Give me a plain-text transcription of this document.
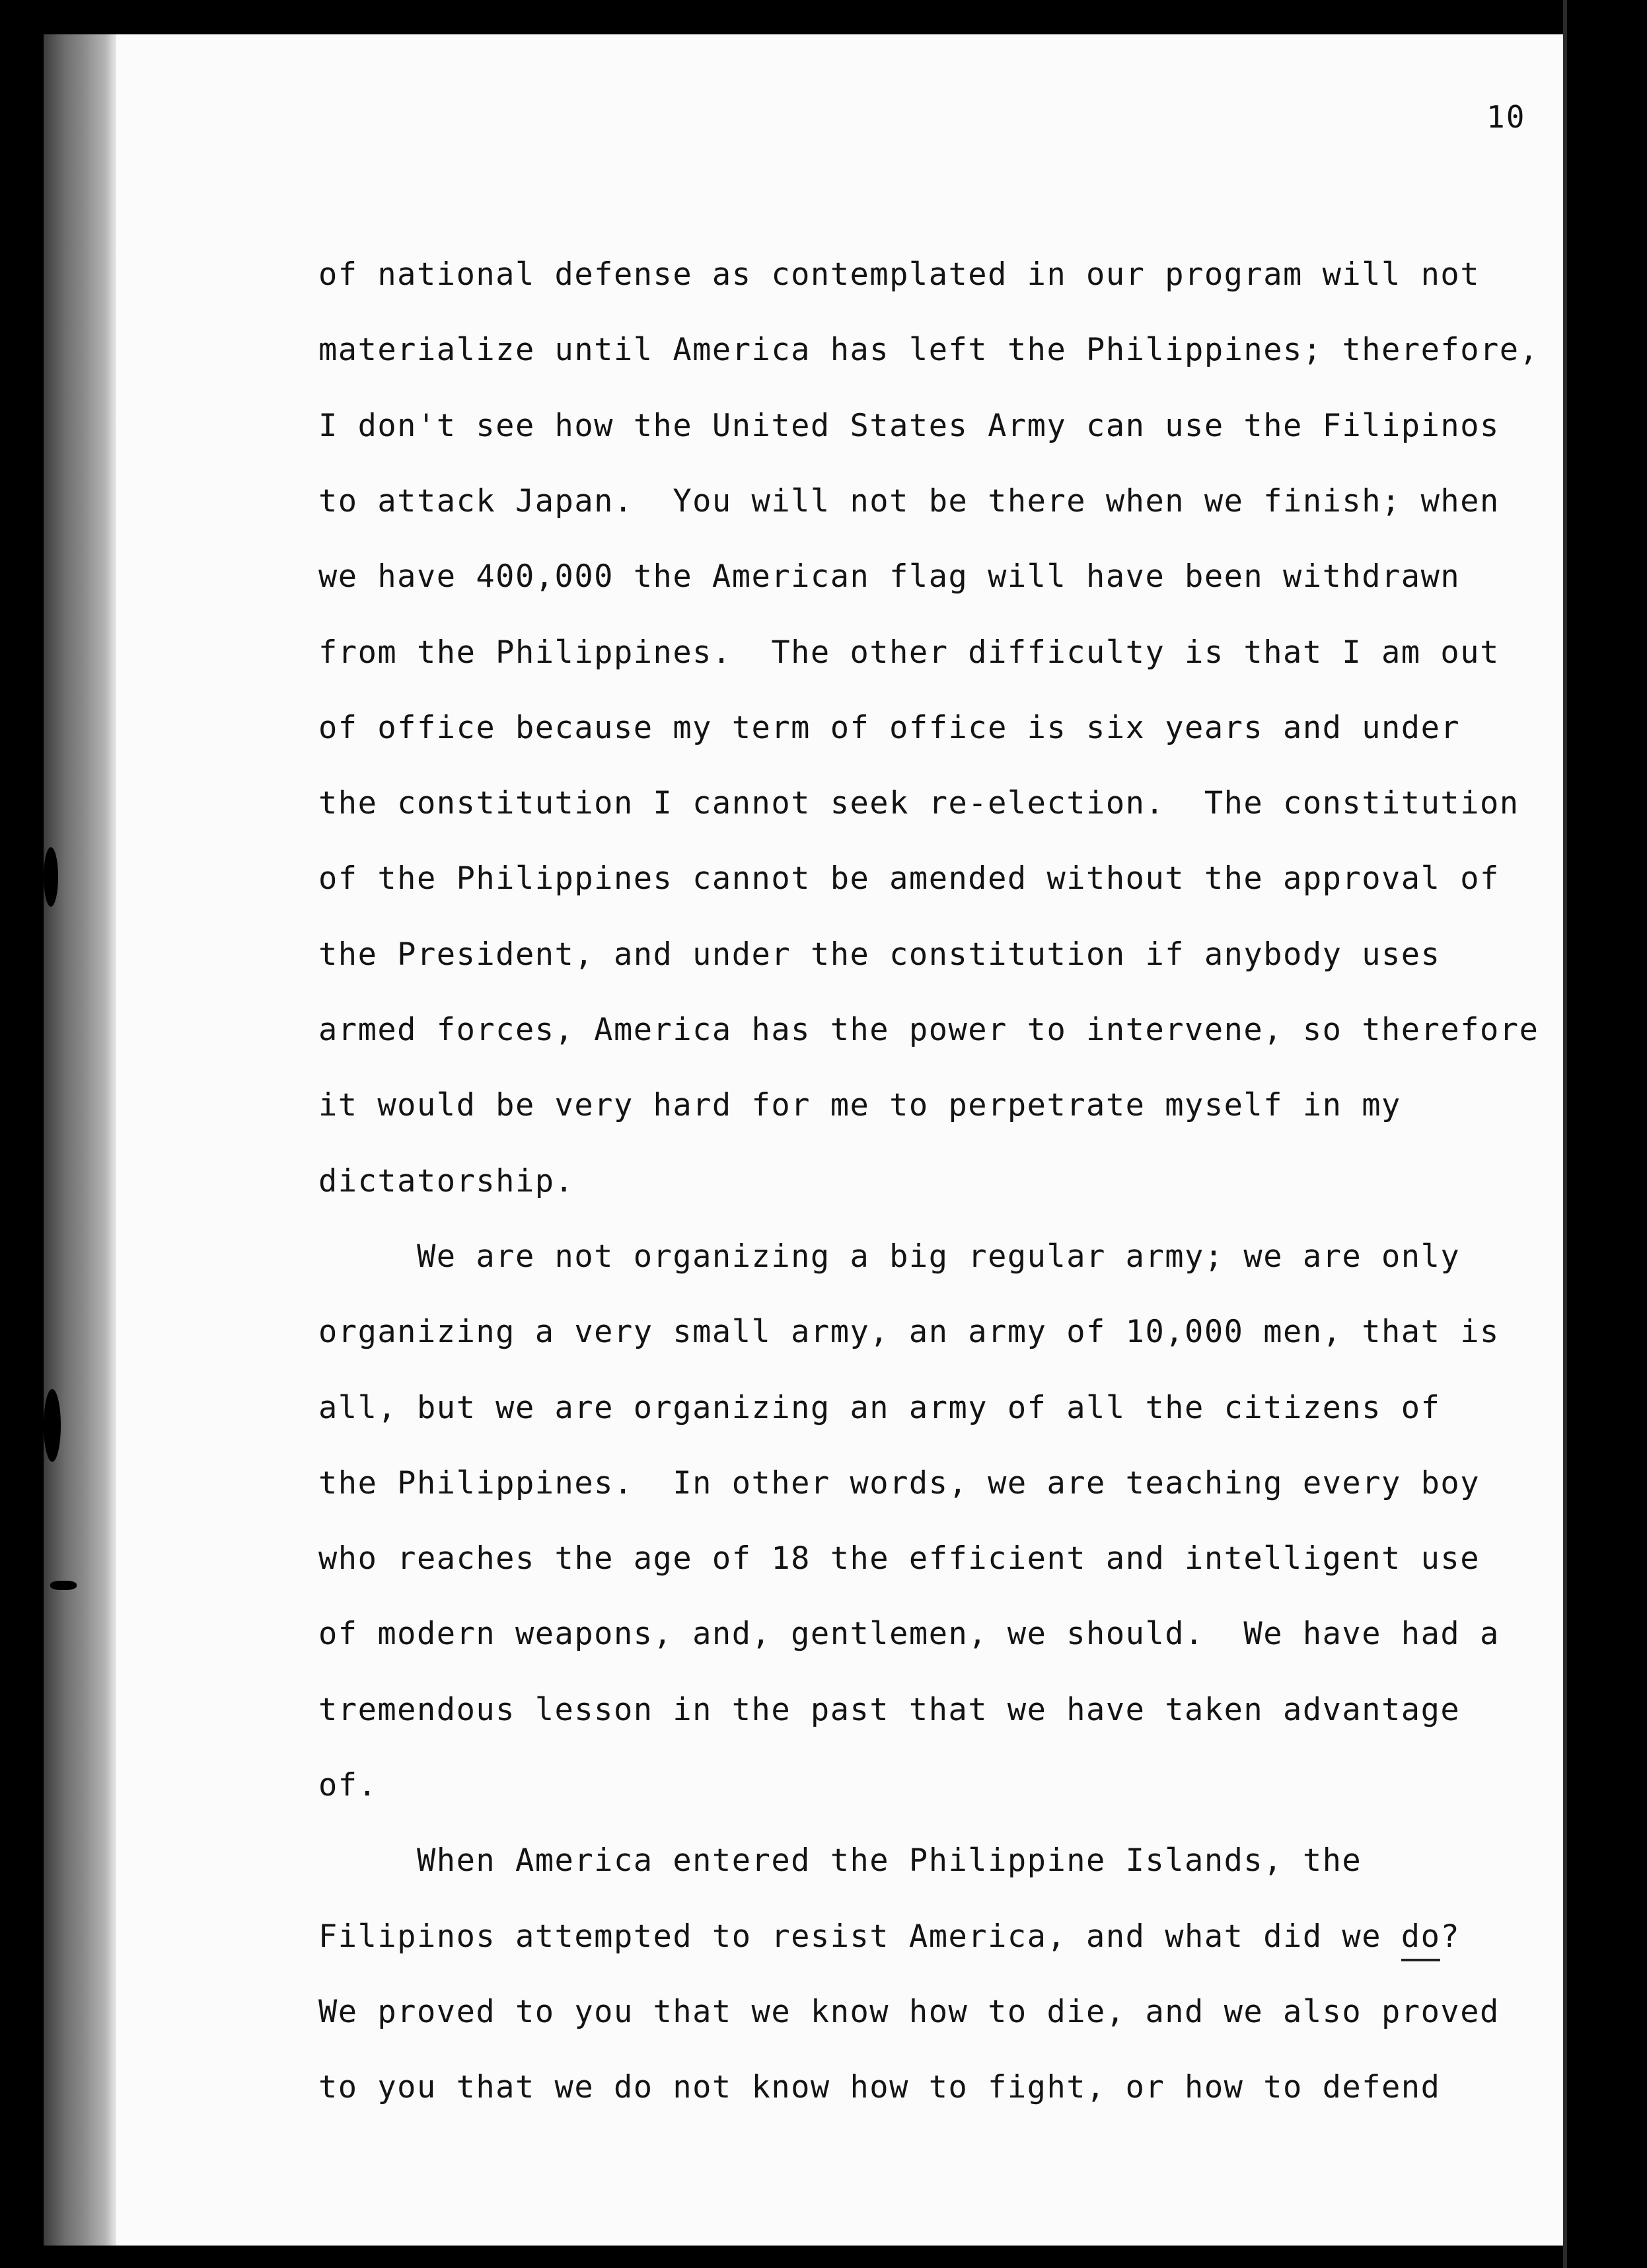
10
of national defense as contemplated in our program will not
materialize until America has left the Philippines; therefore,
I don't see how the United States Army can use the Filipinos
to attack Japan.  You will not be there when we finish; when
we have 400,000 the American flag will have been withdrawn
from the Philippines.  The other difficulty is that I am out
of office because my term of office is six years and under
the constitution I cannot seek re-election.  The constitution
of the Philippines cannot be amended without the approval of
the President, and under the constitution if anybody uses
armed forces, America has the power to intervene, so therefore
it would be very hard for me to perpetrate myself in my
dictatorship.
We are not organizing a big regular army; we are only
organizing a very small army, an army of 10,000 men, that is
all, but we are organizing an army of all the citizens of
the Philippines.  In other words, we are teaching every boy
who reaches the age of 18 the efficient and intelligent use
of modern weapons, and, gentlemen, we should.  We have had a
tremendous lesson in the past that we have taken advantage
of.
When America entered the Philippine Islands, the
Filipinos attempted to resist America, and what did we do?
We proved to you that we know how to die, and we also proved
to you that we do not know how to fight, or how to defend
